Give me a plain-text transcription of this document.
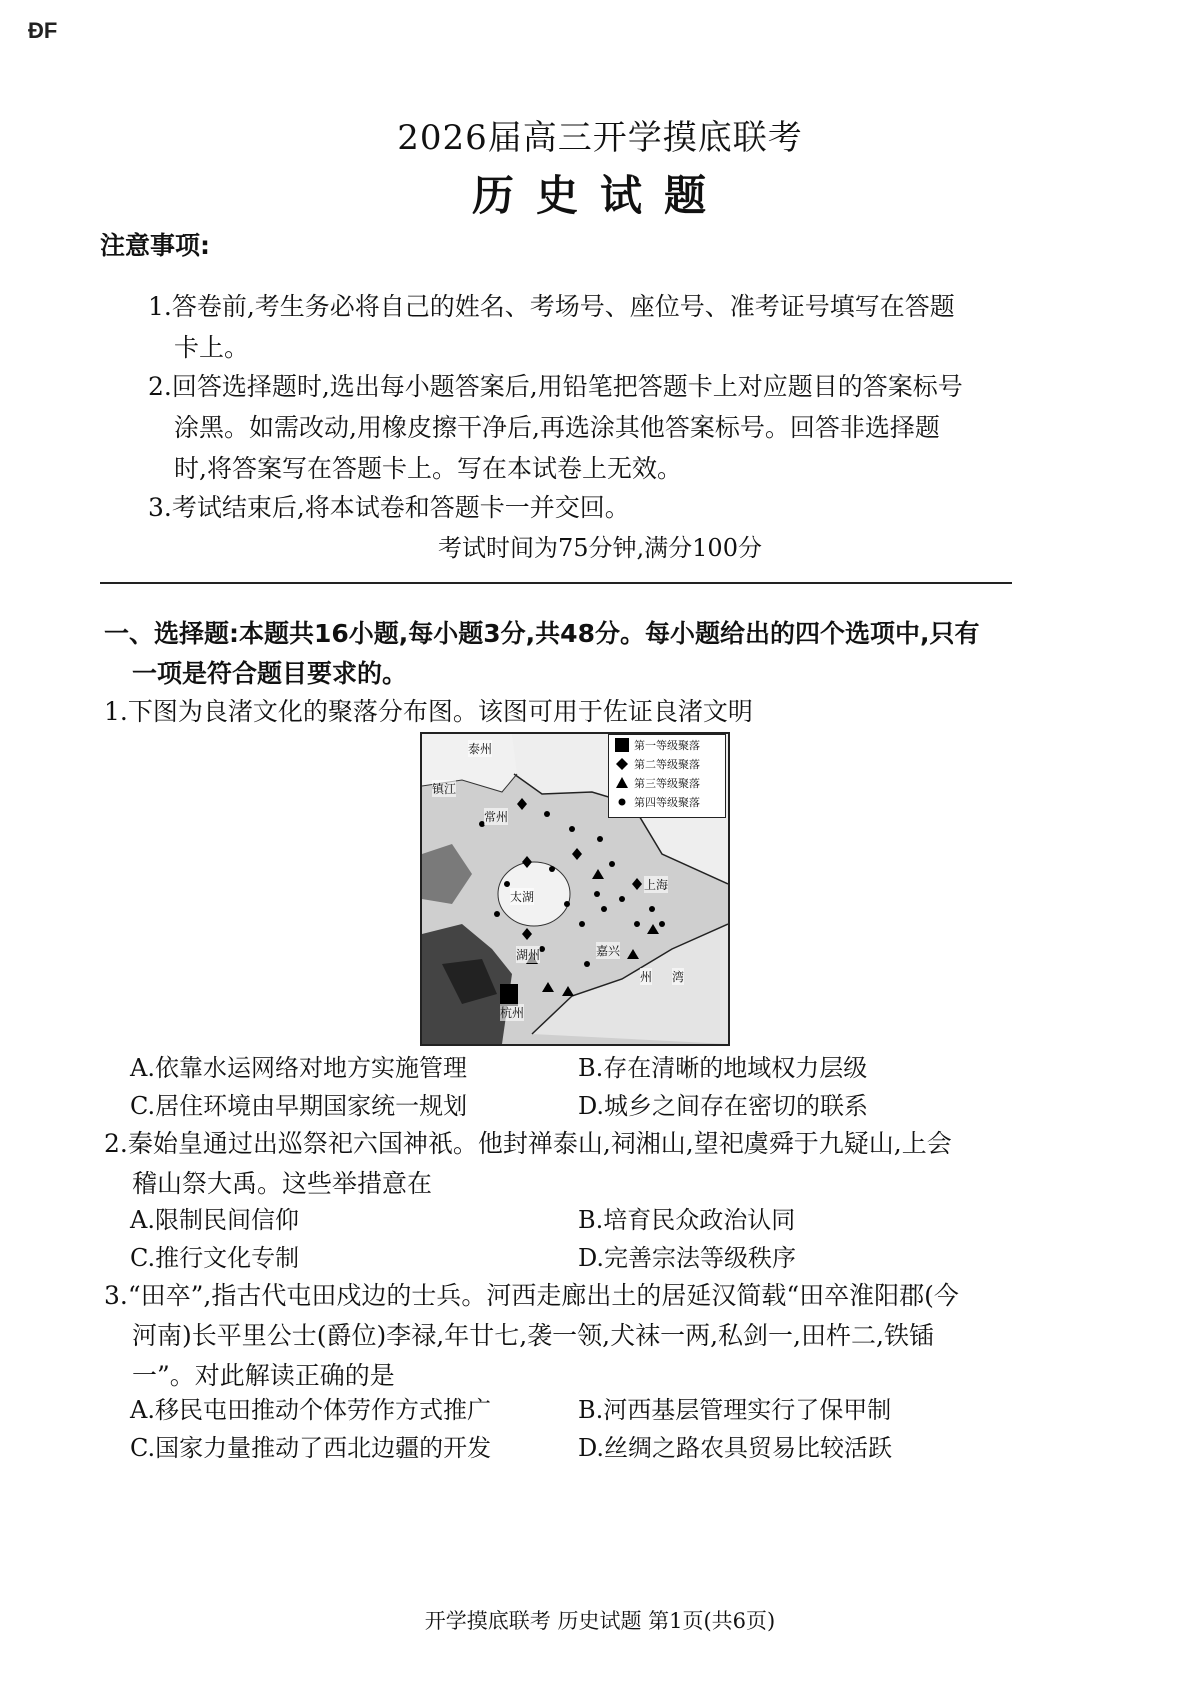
ÐF
2026届高三开学摸底联考
历史试题
注意事项:
1.答卷前,考生务必将自己的姓名、考场号、座位号、准考证号填写在答题
卡上。
2.回答选择题时,选出每小题答案后,用铅笔把答题卡上对应题目的答案标号
涂黑。如需改动,用橡皮擦干净后,再选涂其他答案标号。回答非选择题
时,将答案写在答题卡上。写在本试卷上无效。
3.考试结束后,将本试卷和答题卡一并交回。
考试时间为75分钟,满分100分
一、选择题:本题共16小题,每小题3分,共48分。每小题给出的四个选项中,只有
一项是符合题目要求的。
1.下图为良渚文化的聚落分布图。该图可用于佐证良渚文明
第一等级聚落
第二等级聚落
第三等级聚落
第四等级聚落
泰州
镇江
常州
上海
太湖
嘉兴
湖州
杭州
州 湾
A.依靠水运网络对地方实施管理	B.存在清晰的地域权力层级
C.居住环境由早期国家统一规划	D.城乡之间存在密切的联系
2.秦始皇通过出巡祭祀六国神祇。他封禅泰山,祠湘山,望祀虞舜于九疑山,上会
稽山祭大禹。这些举措意在
A.限制民间信仰	B.培育民众政治认同
C.推行文化专制	D.完善宗法等级秩序
3.“田卒”,指古代屯田戍边的士兵。河西走廊出土的居延汉简载“田卒淮阳郡(今
河南)长平里公士(爵位)李禄,年廿七,袭一领,犬袜一两,私剑一,田杵二,铁锸
一”。对此解读正确的是
A.移民屯田推动个体劳作方式推广	B.河西基层管理实行了保甲制
C.国家力量推动了西北边疆的开发	D.丝绸之路农具贸易比较活跃
开学摸底联考 历史试题 第1页(共6页)
